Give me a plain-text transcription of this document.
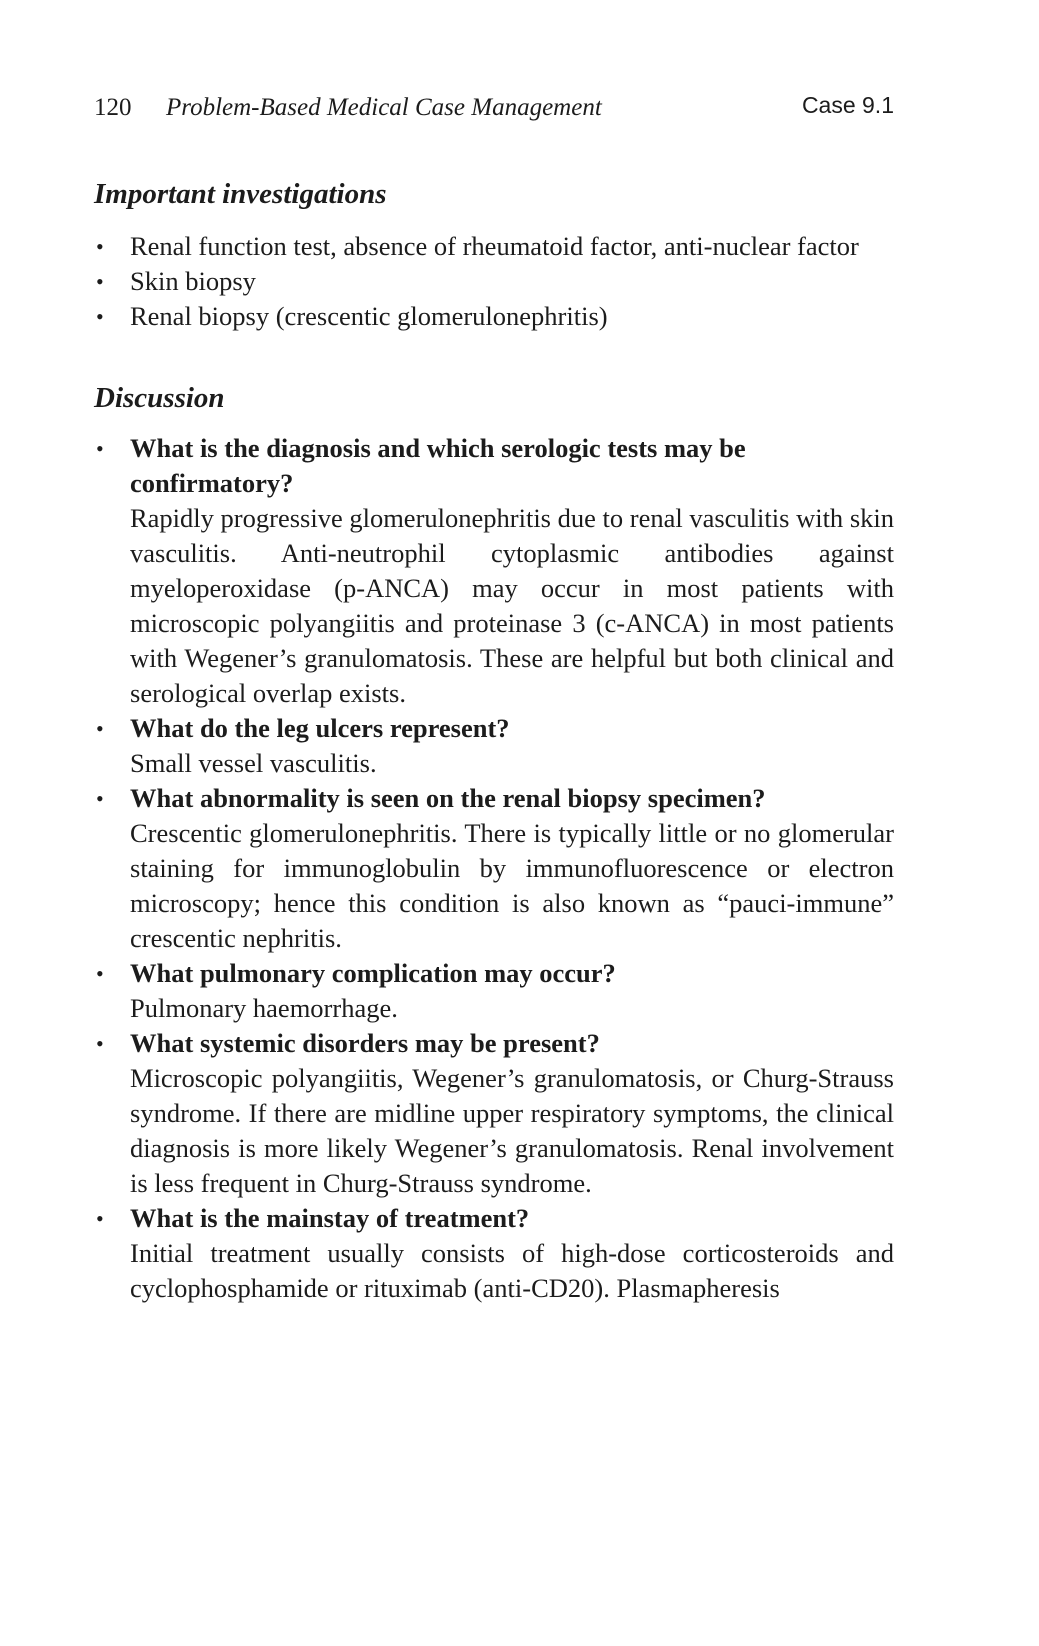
120 Problem-Based Medical Case Management	Case 9.1
Important investigations
• Renal function test, absence of rheumatoid factor, anti-nuclear factor
• Skin biopsy
• Renal biopsy (crescentic glomerulonephritis)
Discussion
• What is the diagnosis and which serologic tests may be confirmatory?
Rapidly progressive glomerulonephritis due to renal vasculitis with skin vasculitis. Anti-neutrophil cytoplasmic antibodies against myeloperoxidase (p-ANCA) may occur in most patients with microscopic polyangiitis and proteinase 3 (c-ANCA) in most patients with Wegener’s granulomatosis. These are helpful but both clinical and serological overlap exists.
• What do the leg ulcers represent?
Small vessel vasculitis.
• What abnormality is seen on the renal biopsy specimen?
Crescentic glomerulonephritis. There is typically little or no glomerular staining for immunoglobulin by immunofluorescence or electron microscopy; hence this condition is also known as “pauci-immune” crescentic nephritis.
• What pulmonary complication may occur?
Pulmonary haemorrhage.
• What systemic disorders may be present?
Microscopic polyangiitis, Wegener’s granulomatosis, or Churg-Strauss syndrome. If there are midline upper respiratory symptoms, the clinical diagnosis is more likely Wegener’s granulomatosis. Renal involvement is less frequent in Churg-Strauss syndrome.
• What is the mainstay of treatment?
Initial treatment usually consists of high-dose corticosteroids and cyclophosphamide or rituximab (anti-CD20). Plasmapheresis
